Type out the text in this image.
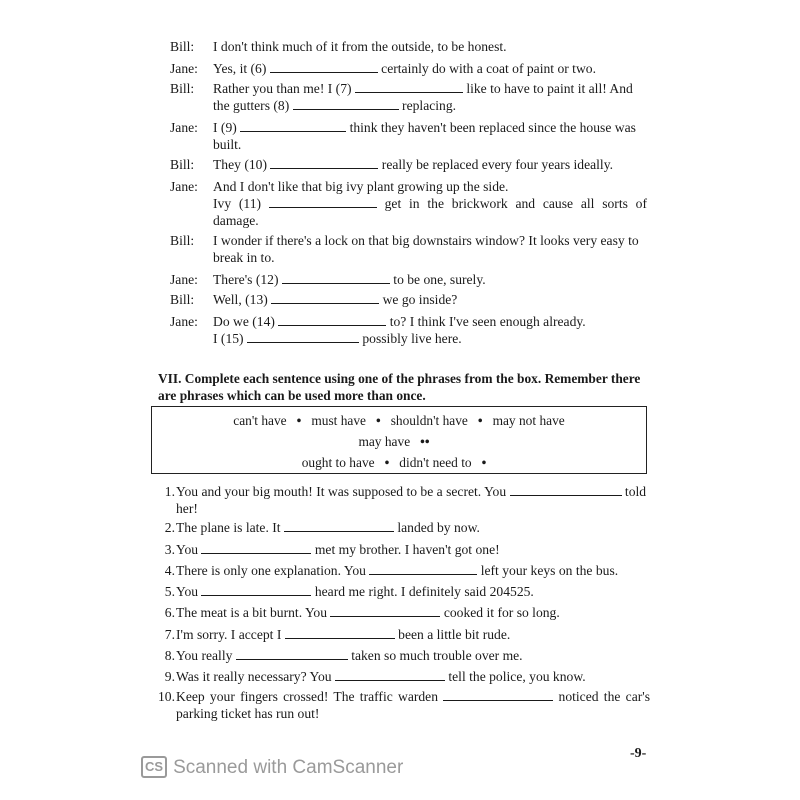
Bill:	I don't think much of it from the outside, to be honest.
Jane:	Yes, it (6)	certainly do with a coat of paint or two.
Bill:	Rather you than me! I (7)	like to have to paint it all! And the gutters (8)	replacing.
Jane:	I (9)	think they haven't been replaced since the house was built.
Bill:	They (10)	really be replaced every four years ideally.
Jane:	And I don't like that big ivy plant growing up the side.
Ivy (11)	get in the brickwork and cause all sorts of damage.
Bill:	I wonder if there's a lock on that big downstairs window? It looks very easy to break in to.
Jane:	There's (12)	to be one, surely.
Bill:	Well, (13)	we go inside?
Jane:	Do we (14)	to? I think I've seen enough already.
I (15)	possibly live here.
VII. Complete each sentence using one of the phrases from the box. Remember there are phrases which can be used more than once.
can't have • must have • shouldn't have • may not have
may have ••
ought to have • didn't need to •
1. You and your big mouth! It was supposed to be a secret. You	told her!
2. The plane is late. It	landed by now.
3. You	met my brother. I haven't got one!
4. There is only one explanation. You	left your keys on the bus.
5. You	heard me right. I definitely said 204525.
6. The meat is a bit burnt. You	cooked it for so long.
7. I'm sorry. I accept I	been a little bit rude.
8. You really	taken so much trouble over me.
9. Was it really necessary? You	tell the police, you know.
10. Keep your fingers crossed! The traffic warden	noticed the car's parking ticket has run out!
-9-
CS Scanned with CamScanner
